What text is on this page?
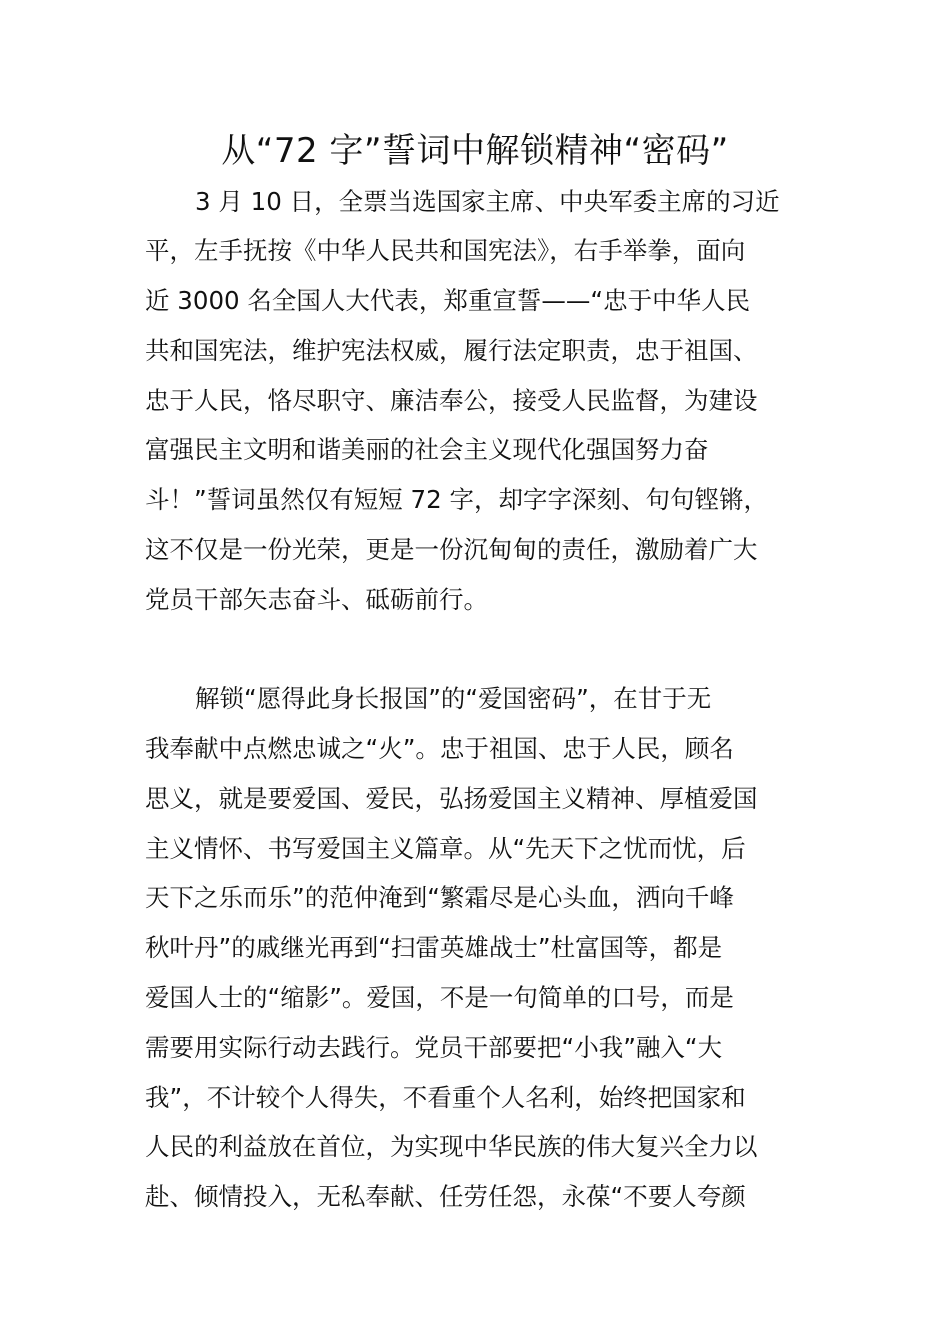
从“72 字”誓词中解锁精神“密码”
3 月 10 日，全票当选国家主席、中央军委主席的习近
平，左手抚按《中华人民共和国宪法》，右手举拳，面向
近 3000 名全国人大代表，郑重宣誓——“忠于中华人民
共和国宪法，维护宪法权威，履行法定职责，忠于祖国、
忠于人民，恪尽职守、廉洁奉公，接受人民监督，为建设
富强民主文明和谐美丽的社会主义现代化强国努力奋
斗！”誓词虽然仅有短短 72 字，却字字深刻、句句铿锵，
这不仅是一份光荣，更是一份沉甸甸的责任，激励着广大
党员干部矢志奋斗、砥砺前行。
解锁“愿得此身长报国”的“爱国密码”，在甘于无
我奉献中点燃忠诚之“火”。忠于祖国、忠于人民，顾名
思义，就是要爱国、爱民，弘扬爱国主义精神、厚植爱国
主义情怀、书写爱国主义篇章。从“先天下之忧而忧，后
天下之乐而乐”的范仲淹到“繁霜尽是心头血，洒向千峰
秋叶丹”的戚继光再到“扫雷英雄战士”杜富国等，都是
爱国人士的“缩影”。爱国，不是一句简单的口号，而是
需要用实际行动去践行。党员干部要把“小我”融入“大
我”，不计较个人得失，不看重个人名利，始终把国家和
人民的利益放在首位，为实现中华民族的伟大复兴全力以
赴、倾情投入，无私奉献、任劳任怨，永葆“不要人夸颜
